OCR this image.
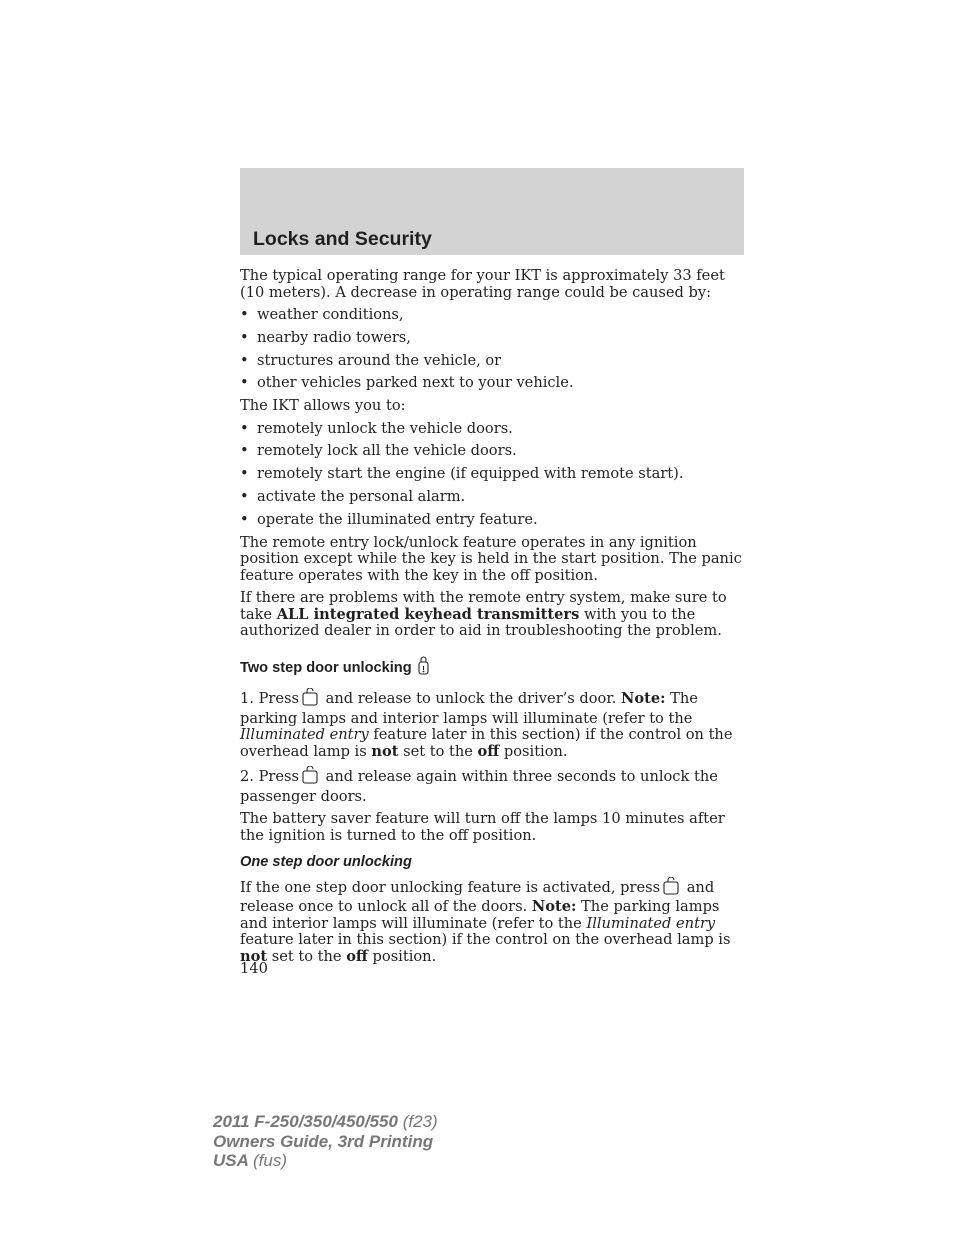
Locks and Security

The typical operating range for your IKT is approximately 33 feet (10 meters). A decrease in operating range could be caused by:

• weather conditions,
• nearby radio towers,
• structures around the vehicle, or
• other vehicles parked next to your vehicle.

The IKT allows you to:

• remotely unlock the vehicle doors.
• remotely lock all the vehicle doors.
• remotely start the engine (if equipped with remote start).
• activate the personal alarm.
• operate the illuminated entry feature.

The remote entry lock/unlock feature operates in any ignition position except while the key is held in the start position. The panic feature operates with the key in the off position.

If there are problems with the remote entry system, make sure to take ALL integrated keyhead transmitters with you to the authorized dealer in order to aid in troubleshooting the problem.

Two step door unlocking

1. Press and release to unlock the driver’s door. Note: The parking lamps and interior lamps will illuminate (refer to the Illuminated entry feature later in this section) if the control on the overhead lamp is not set to the off position.

2. Press and release again within three seconds to unlock the passenger doors.

The battery saver feature will turn off the lamps 10 minutes after the ignition is turned to the off position.

One step door unlocking

If the one step door unlocking feature is activated, press and release once to unlock all of the doors. Note: The parking lamps and interior lamps will illuminate (refer to the Illuminated entry feature later in this section) if the control on the overhead lamp is not set to the off position.

140
2011 F-250/350/450/550 (f23)
Owners Guide, 3rd Printing
USA (fus)
